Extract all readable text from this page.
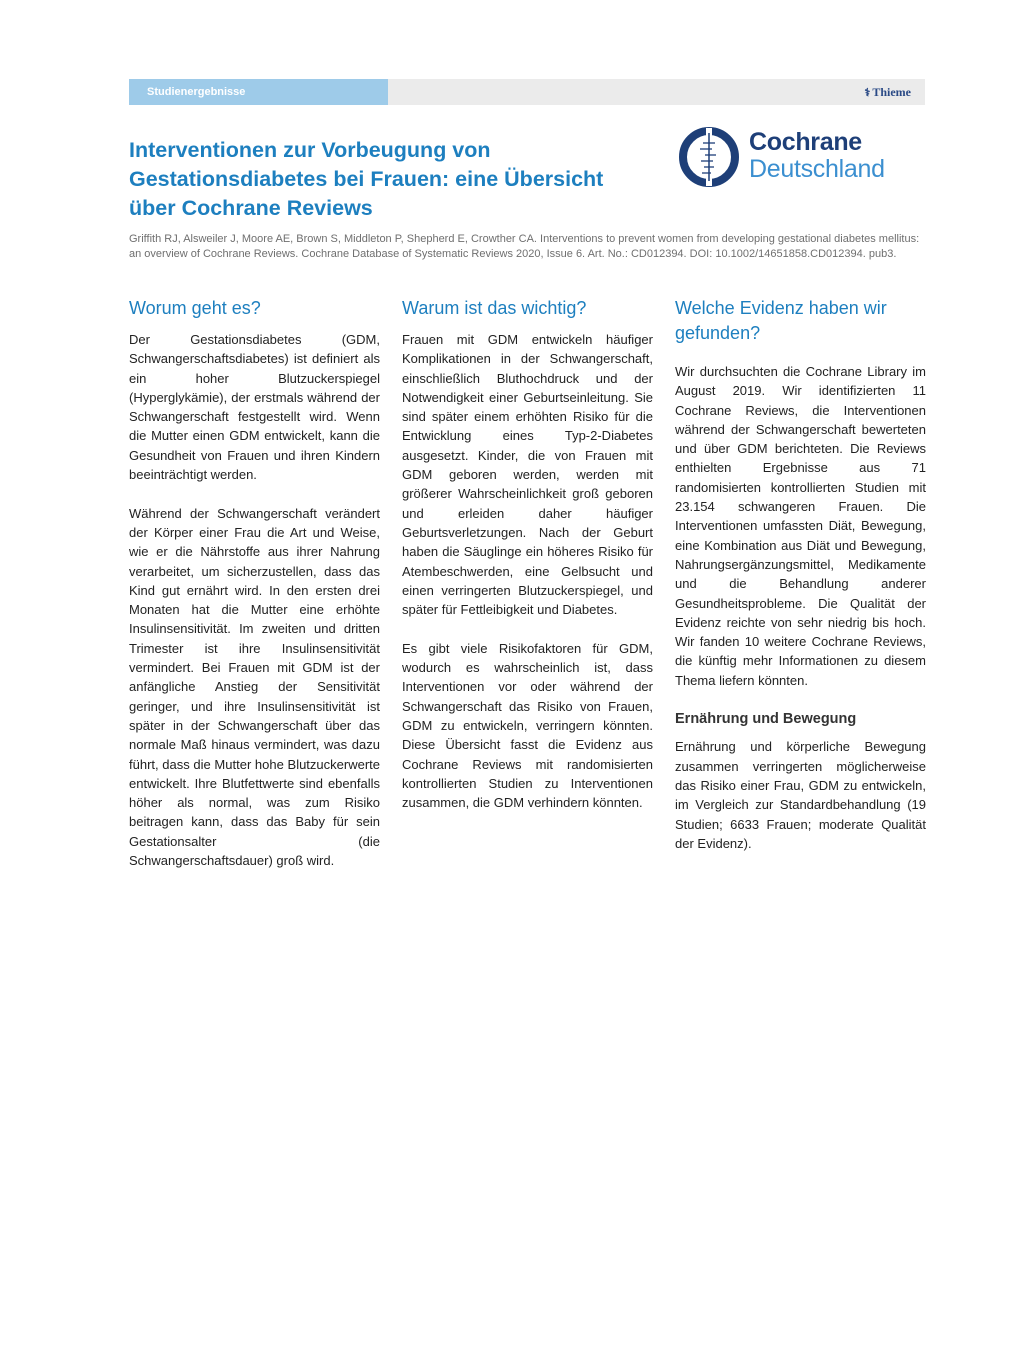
Studienergebnisse	⚕ Thieme
Interventionen zur Vorbeugung von Gestationsdiabetes bei Frauen: eine Übersicht über Cochrane Reviews
Cochrane
Deutschland
Griffith RJ, Alsweiler J, Moore AE, Brown S, Middleton P, Shepherd E, Crowther CA. Interventions to prevent women from developing gestational diabetes mellitus: an overview of Cochrane Reviews. Cochrane Database of Systematic Reviews 2020, Issue 6. Art. No.: CD012394. DOI: 10.1002/14651858.CD012394. pub3.
Worum geht es?

Der Gestationsdiabetes (GDM, Schwangerschaftsdiabetes) ist definiert als ein hoher Blutzuckerspiegel (Hyperglykämie), der erstmals während der Schwangerschaft festgestellt wird. Wenn die Mutter einen GDM entwickelt, kann die Gesundheit von Frauen und ihren Kindern beeinträchtigt werden.

Während der Schwangerschaft verändert der Körper einer Frau die Art und Weise, wie er die Nährstoffe aus ihrer Nahrung verarbeitet, um sicherzustellen, dass das Kind gut ernährt wird. In den ersten drei Monaten hat die Mutter eine erhöhte Insulinsensitivität. Im zweiten und dritten Trimester ist ihre Insulinsensitivität vermindert. Bei Frauen mit GDM ist der anfängliche Anstieg der Sensitivität geringer, und ihre Insulinsensitivität ist später in der Schwangerschaft über das normale Maß hinaus vermindert, was dazu führt, dass die Mutter hohe Blutzuckerwerte entwickelt. Ihre Blutfettwerte sind ebenfalls höher als normal, was zum Risiko beitragen kann, dass das Baby für sein Gestationsalter (die Schwangerschaftsdauer) groß wird.

Warum ist das wichtig?

Frauen mit GDM entwickeln häufiger Komplikationen in der Schwangerschaft, einschließlich Bluthochdruck und der Notwendigkeit einer Geburtseinleitung. Sie sind später einem erhöhten Risiko für die Entwicklung eines Typ-2-Diabetes ausgesetzt. Kinder, die von Frauen mit GDM geboren werden, werden mit größerer Wahrscheinlichkeit groß geboren und erleiden daher häufiger Geburtsverletzungen. Nach der Geburt haben die Säuglinge ein höheres Risiko für Atembeschwerden, eine Gelbsucht und einen verringerten Blutzuckerspiegel, und später für Fettleibigkeit und Diabetes.

Es gibt viele Risikofaktoren für GDM, wodurch es wahrscheinlich ist, dass Interventionen vor oder während der Schwangerschaft das Risiko von Frauen, GDM zu entwickeln, verringern könnten. Diese Übersicht fasst die Evidenz aus Cochrane Reviews mit randomisierten kontrollierten Studien zu Interventionen zusammen, die GDM verhindern könnten.

Welche Evidenz haben wir gefunden?

Wir durchsuchten die Cochrane Library im August 2019. Wir identifizierten 11 Cochrane Reviews, die Interventionen während der Schwangerschaft bewerteten und über GDM berichteten. Die Reviews enthielten Ergebnisse aus 71 randomisierten kontrollierten Studien mit 23.154 schwangeren Frauen. Die Interventionen umfassten Diät, Bewegung, eine Kombination aus Diät und Bewegung, Nahrungsergänzungsmittel, Medikamente und die Behandlung anderer Gesundheitsprobleme. Die Qualität der Evidenz reichte von sehr niedrig bis hoch. Wir fanden 10 weitere Cochrane Reviews, die künftig mehr Informationen zu diesem Thema liefern könnten.

Ernährung und Bewegung

Ernährung und körperliche Bewegung zusammen verringerten möglicherweise das Risiko einer Frau, GDM zu entwickeln, im Vergleich zur Standardbehandlung (19 Studien; 6633 Frauen; moderate Qualität der Evidenz).
